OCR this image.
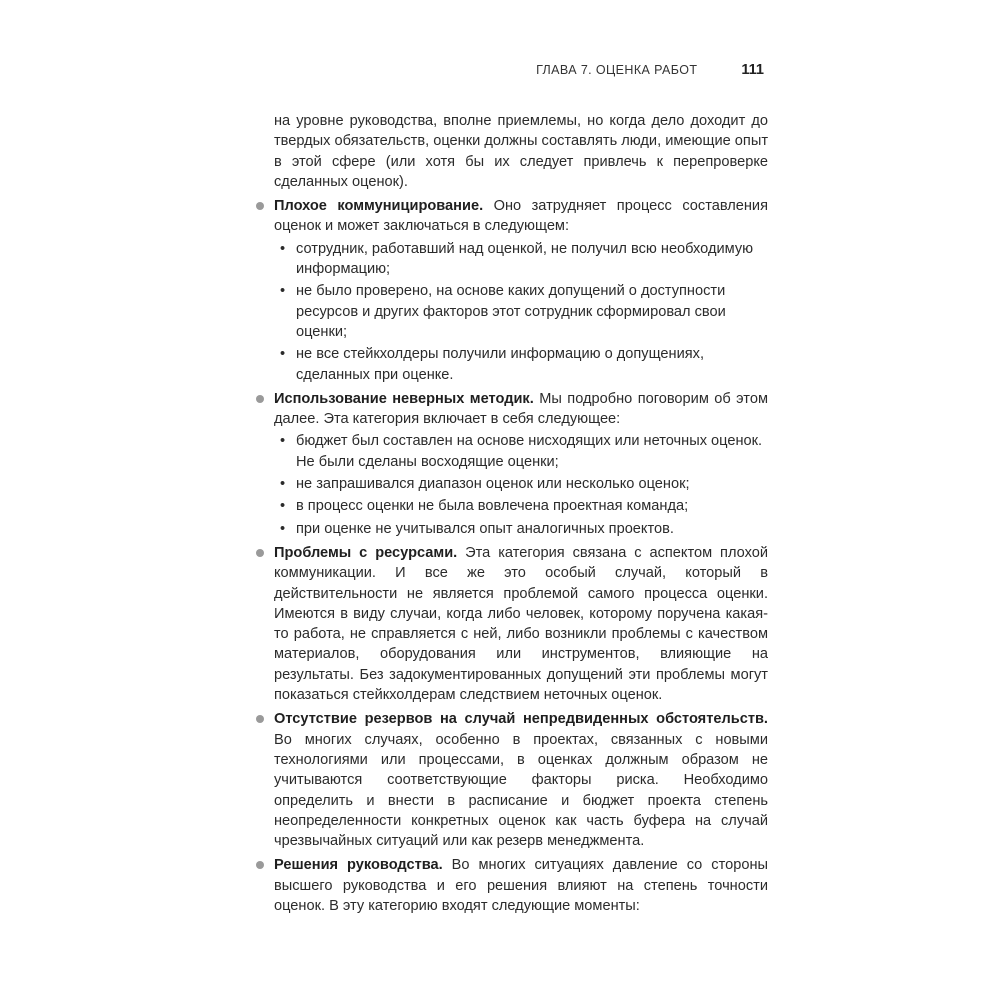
ГЛАВА 7. ОЦЕНКА РАБОТ	111

на уровне руководства, вполне приемлемы, но когда дело доходит до твердых обязательств, оценки должны составлять люди, имеющие опыт в этой сфере (или хотя бы их следует привлечь к перепроверке сделанных оценок).

Плохое коммуницирование. Оно затрудняет процесс составления оценок и может заключаться в следующем:

• сотрудник, работавший над оценкой, не получил всю необходимую информацию;
• не было проверено, на основе каких допущений о доступности ресурсов и других факторов этот сотрудник сформировал свои оценки;
• не все стейкхолдеры получили информацию о допущениях, сделанных при оценке.

Использование неверных методик. Мы подробно поговорим об этом далее. Эта категория включает в себя следующее:

• бюджет был составлен на основе нисходящих или неточных оценок. Не были сделаны восходящие оценки;
• не запрашивался диапазон оценок или несколько оценок;
• в процесс оценки не была вовлечена проектная команда;
• при оценке не учитывался опыт аналогичных проектов.

Проблемы с ресурсами. Эта категория связана с аспектом плохой коммуникации. И все же это особый случай, который в действительности не является проблемой самого процесса оценки. Имеются в виду случаи, когда либо человек, которому поручена какая-то работа, не справляется с ней, либо возникли проблемы с качеством материалов, оборудования или инструментов, влияющие на результаты. Без задокументированных допущений эти проблемы могут показаться стейкхолдерам следствием неточных оценок.

Отсутствие резервов на случай непредвиденных обстоятельств. Во многих случаях, особенно в проектах, связанных с новыми технологиями или процессами, в оценках должным образом не учитываются соответствующие факторы риска. Необходимо определить и внести в расписание и бюджет проекта степень неопределенности конкретных оценок как часть буфера на случай чрезвычайных ситуаций или как резерв менеджмента.

Решения руководства. Во многих ситуациях давление со стороны высшего руководства и его решения влияют на степень точности оценок. В эту категорию входят следующие моменты:
